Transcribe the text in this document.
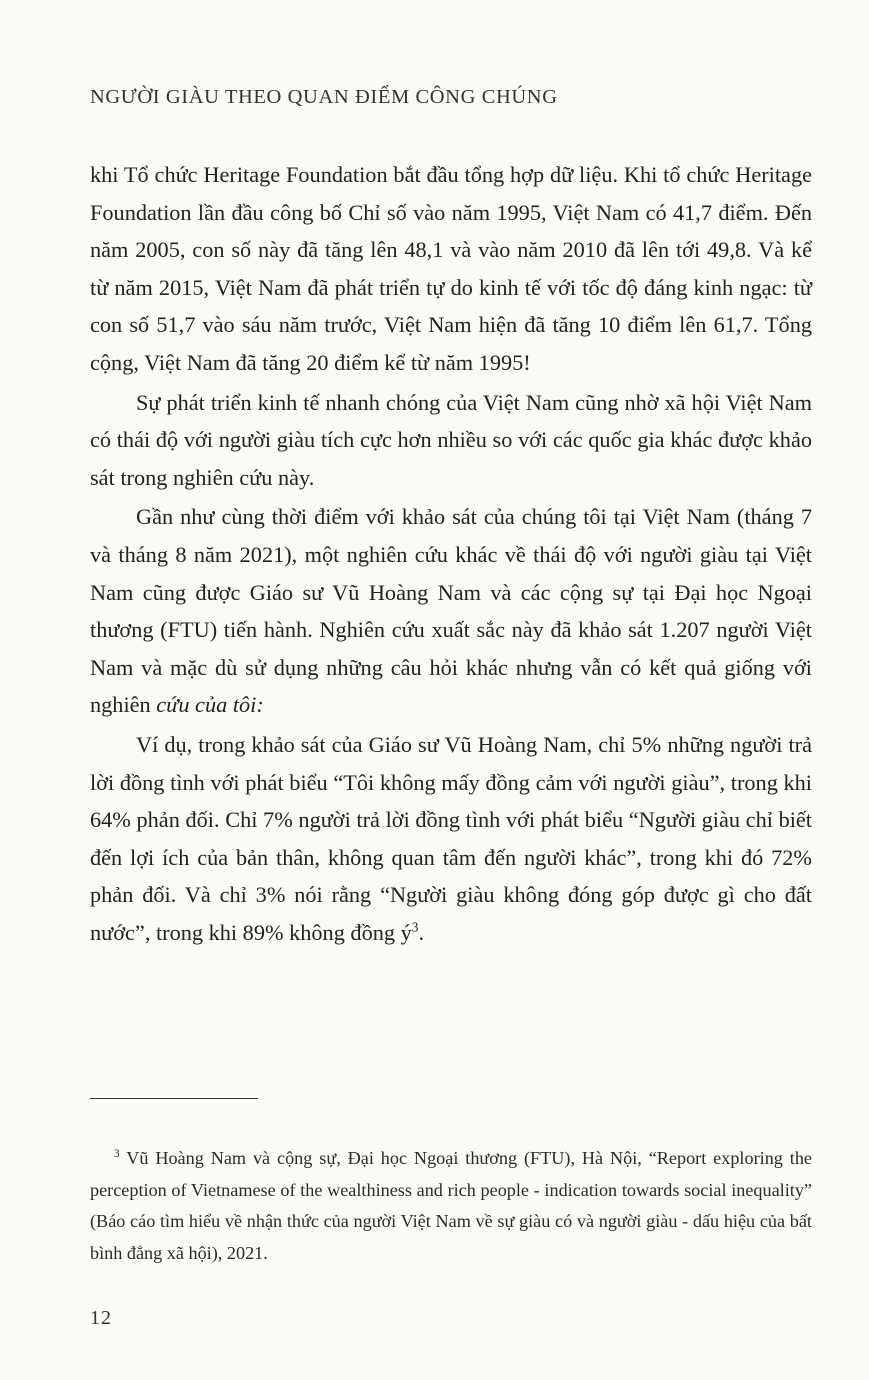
NGƯỜI GIÀU THEO QUAN ĐIỂM CÔNG CHÚNG

khi Tổ chức Heritage Foundation bắt đầu tổng hợp dữ liệu. Khi tổ chức Heritage Foundation lần đầu công bố Chỉ số vào năm 1995, Việt Nam có 41,7 điểm. Đến năm 2005, con số này đã tăng lên 48,1 và vào năm 2010 đã lên tới 49,8. Và kể từ năm 2015, Việt Nam đã phát triển tự do kinh tế với tốc độ đáng kinh ngạc: từ con số 51,7 vào sáu năm trước, Việt Nam hiện đã tăng 10 điểm lên 61,7. Tổng cộng, Việt Nam đã tăng 20 điểm kể từ năm 1995!

Sự phát triển kinh tế nhanh chóng của Việt Nam cũng nhờ xã hội Việt Nam có thái độ với người giàu tích cực hơn nhiều so với các quốc gia khác được khảo sát trong nghiên cứu này.

Gần như cùng thời điểm với khảo sát của chúng tôi tại Việt Nam (tháng 7 và tháng 8 năm 2021), một nghiên cứu khác về thái độ với người giàu tại Việt Nam cũng được Giáo sư Vũ Hoàng Nam và các cộng sự tại Đại học Ngoại thương (FTU) tiến hành. Nghiên cứu xuất sắc này đã khảo sát 1.207 người Việt Nam và mặc dù sử dụng những câu hỏi khác nhưng vẫn có kết quả giống với nghiên cứu của tôi:

Ví dụ, trong khảo sát của Giáo sư Vũ Hoàng Nam, chỉ 5% những người trả lời đồng tình với phát biểu “Tôi không mấy đồng cảm với người giàu”, trong khi 64% phản đối. Chỉ 7% người trả lời đồng tình với phát biểu “Người giàu chỉ biết đến lợi ích của bản thân, không quan tâm đến người khác”, trong khi đó 72% phản đối. Và chỉ 3% nói rằng “Người giàu không đóng góp được gì cho đất nước”, trong khi 89% không đồng $ý^3$.

$^3$ Vũ Hoàng Nam và cộng sự, Đại học Ngoại thương (FTU), Hà Nội, “Report exploring the perception of Vietnamese of the wealthiness and rich people - indication towards social inequality” (Báo cáo tìm hiểu về nhận thức của người Việt Nam về sự giàu có và người giàu - dấu hiệu của bất bình đẳng xã hội), 2021.

12
